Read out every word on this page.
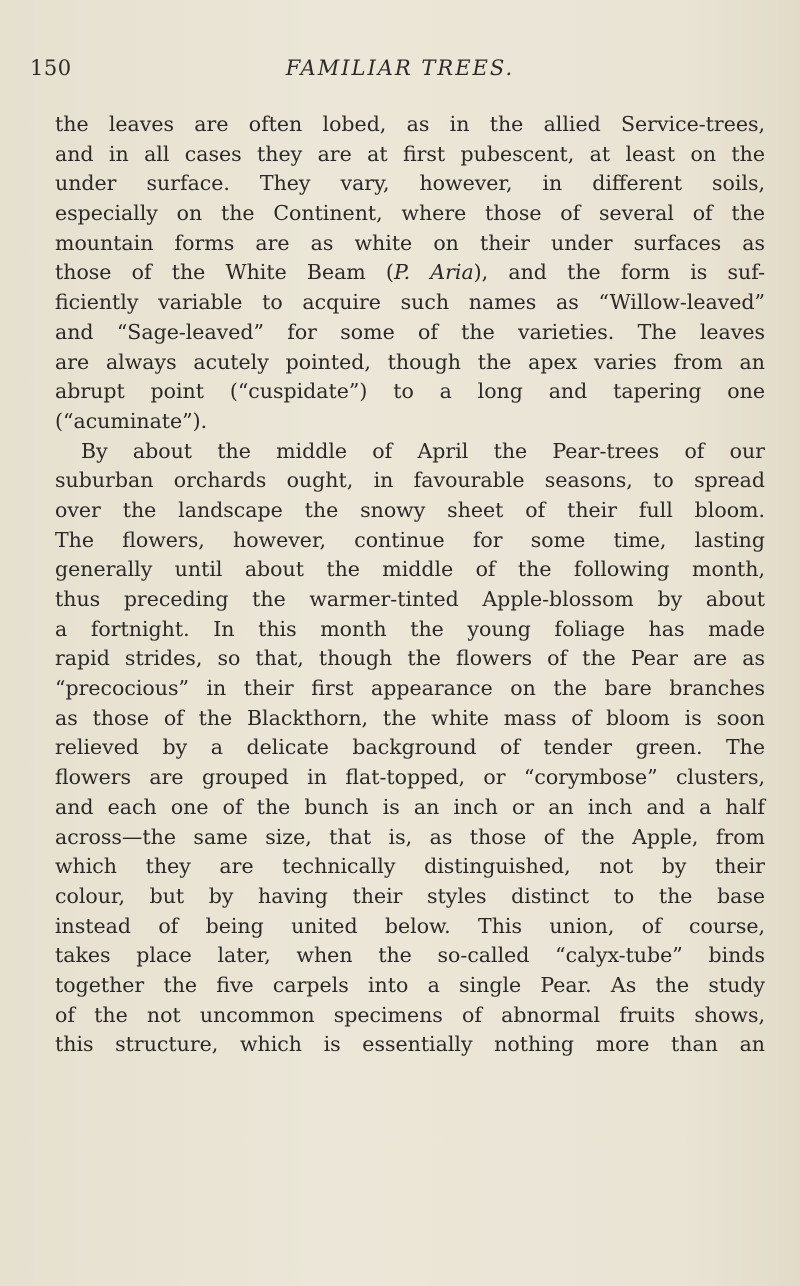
150	FAMILIAR TREES.
the leaves are often lobed, as in the allied Service-trees,
and in all cases they are at first pubescent, at least on the
under surface. They vary, however, in different soils,
especially on the Continent, where those of several of the
mountain forms are as white on their under surfaces as
those of the White Beam (P. Aria), and the form is suf-
ficiently variable to acquire such names as “Willow-leaved”
and “Sage-leaved” for some of the varieties. The leaves
are always acutely pointed, though the apex varies from an
abrupt point (“cuspidate”) to a long and tapering one
(“acuminate”).
By about the middle of April the Pear-trees of our
suburban orchards ought, in favourable seasons, to spread
over the landscape the snowy sheet of their full bloom.
The flowers, however, continue for some time, lasting
generally until about the middle of the following month,
thus preceding the warmer-tinted Apple-blossom by about
a fortnight. In this month the young foliage has made
rapid strides, so that, though the flowers of the Pear are as
“precocious” in their first appearance on the bare branches
as those of the Blackthorn, the white mass of bloom is soon
relieved by a delicate background of tender green. The
flowers are grouped in flat-topped, or “corymbose” clusters,
and each one of the bunch is an inch or an inch and a half
across—the same size, that is, as those of the Apple, from
which they are technically distinguished, not by their
colour, but by having their styles distinct to the base
instead of being united below. This union, of course,
takes place later, when the so-called “calyx-tube” binds
together the five carpels into a single Pear. As the study
of the not uncommon specimens of abnormal fruits shows,
this structure, which is essentially nothing more than an
